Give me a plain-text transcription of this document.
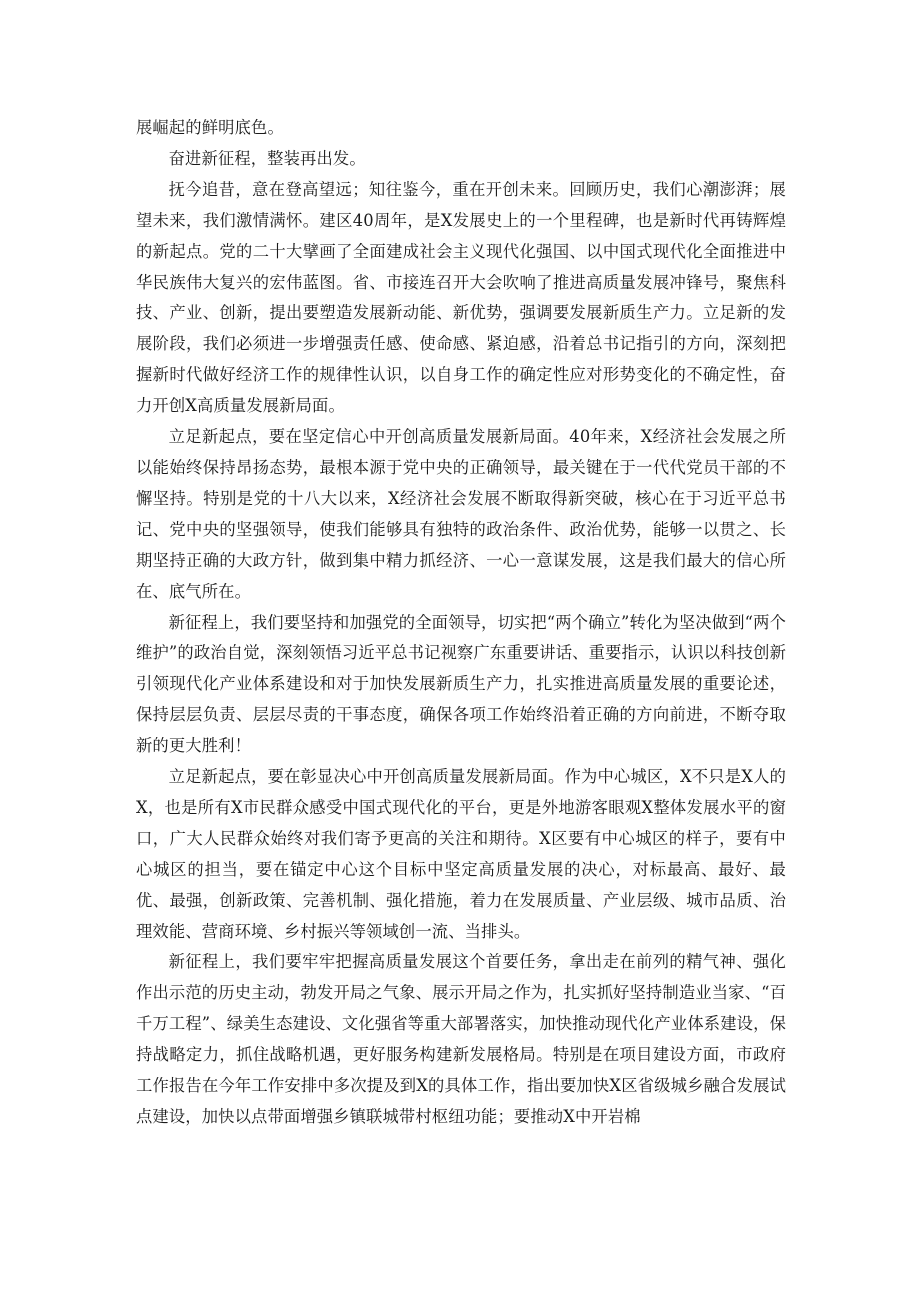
展崛起的鲜明底色。

奋进新征程，整装再出发。

抚今追昔，意在登高望远；知往鉴今，重在开创未来。回顾历史，我们心潮澎湃；展望未来，我们激情满怀。建区40周年，是X发展史上的一个里程碑，也是新时代再铸辉煌的新起点。党的二十大擘画了全面建成社会主义现代化强国、以中国式现代化全面推进中华民族伟大复兴的宏伟蓝图。省、市接连召开大会吹响了推进高质量发展冲锋号，聚焦科技、产业、创新，提出要塑造发展新动能、新优势，强调要发展新质生产力。立足新的发展阶段，我们必须进一步增强责任感、使命感、紧迫感，沿着总书记指引的方向，深刻把握新时代做好经济工作的规律性认识，以自身工作的确定性应对形势变化的不确定性，奋力开创X高质量发展新局面。

立足新起点，要在坚定信心中开创高质量发展新局面。40年来，X经济社会发展之所以能始终保持昂扬态势，最根本源于党中央的正确领导，最关键在于一代代党员干部的不懈坚持。特别是党的十八大以来，X经济社会发展不断取得新突破，核心在于习近平总书记、党中央的坚强领导，使我们能够具有独特的政治条件、政治优势，能够一以贯之、长期坚持正确的大政方针，做到集中精力抓经济、一心一意谋发展，这是我们最大的信心所在、底气所在。

新征程上，我们要坚持和加强党的全面领导，切实把“两个确立”转化为坚决做到“两个维护”的政治自觉，深刻领悟习近平总书记视察广东重要讲话、重要指示，认识以科技创新引领现代化产业体系建设和对于加快发展新质生产力，扎实推进高质量发展的重要论述，保持层层负责、层层尽责的干事态度，确保各项工作始终沿着正确的方向前进，不断夺取新的更大胜利！

立足新起点，要在彰显决心中开创高质量发展新局面。作为中心城区，X不只是X人的X，也是所有X市民群众感受中国式现代化的平台，更是外地游客眼观X整体发展水平的窗口，广大人民群众始终对我们寄予更高的关注和期待。X区要有中心城区的样子，要有中心城区的担当，要在锚定中心这个目标中坚定高质量发展的决心，对标最高、最好、最优、最强，创新政策、完善机制、强化措施，着力在发展质量、产业层级、城市品质、治理效能、营商环境、乡村振兴等领域创一流、当排头。

新征程上，我们要牢牢把握高质量发展这个首要任务，拿出走在前列的精气神、强化作出示范的历史主动，勃发开局之气象、展示开局之作为，扎实抓好坚持制造业当家、“百千万工程”、绿美生态建设、文化强省等重大部署落实，加快推动现代化产业体系建设，保持战略定力，抓住战略机遇，更好服务构建新发展格局。特别是在项目建设方面，市政府工作报告在今年工作安排中多次提及到X的具体工作，指出要加快X区省级城乡融合发展试点建设，加快以点带面增强乡镇联城带村枢纽功能；要推动X中开岩棉
